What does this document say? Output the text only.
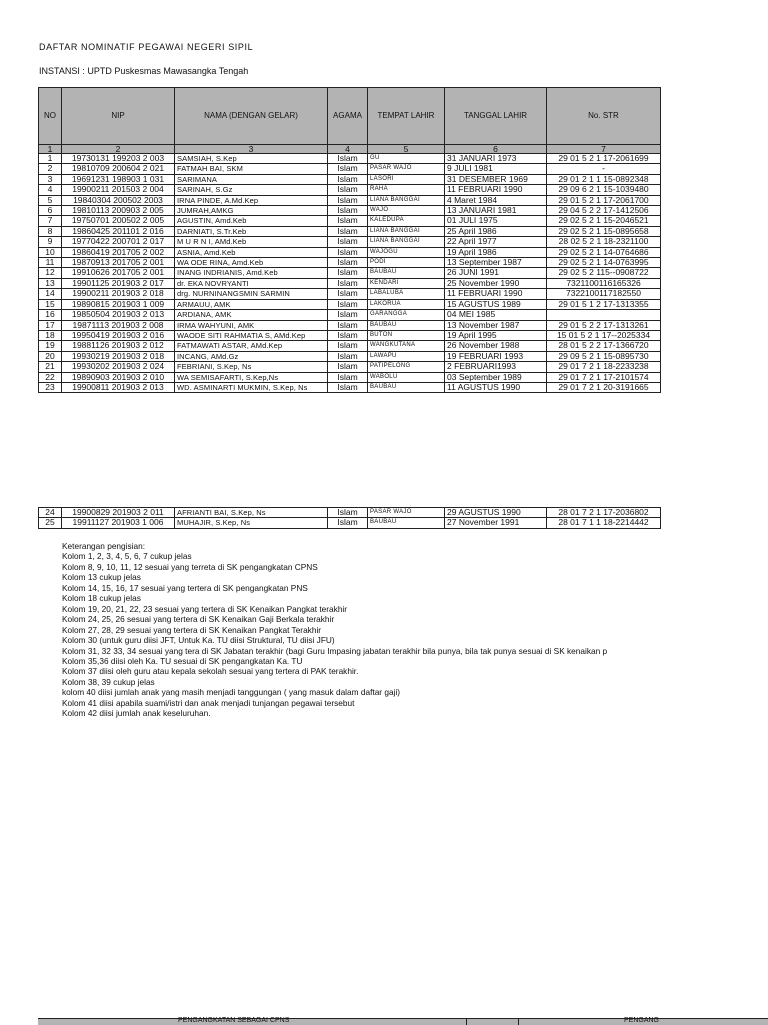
DAFTAR NOMINATIF PEGAWAI NEGERI SIPIL
INSTANSI : UPTD Puskesmas Mawasangka Tengah
NO	NIP	NAMA (DENGAN GELAR)	AGAMA	TEMPAT LAHIR	TANGGAL LAHIR	No. STR
1	2	3	4	5	6	7
1	19730131 199203 2 003	SAMSIAH, S.Kep	Islam	GU	31 JANUARI 1973	29 01 5 2 1 17-2061699
2	19810709 200604 2 021	FATMAH BAI, SKM	Islam	PASAR WAJO	9 JULI 1981	-
3	19691231 198903 1 031	SARIMANA	Islam	LASORI	31 DESEMBER 1969	29 01 2 1 1 15-0892348
4	19900211 201503 2 004	SARINAH, S.Gz	Islam	RAHA	11 FEBRUARI 1990	29 09 6 2 1 15-1039480
5	19840304 200502 2003	IRNA PINDE, A.Md.Kep	Islam	LIANA BANGGAI	4 Maret 1984	29 01 5 2 1 17-2061700
6	19810113 200903 2 005	JUMRAH,AMKG	Islam	WAJO	13 JANUARI 1981	29 04 5 2 2 17-1412506
7	19750701 200502 2 005	AGUSTIN, Amd.Keb	Islam	KALEDUPA	01 JULI 1975	29 02 5 2 1 15-2046521
8	19860425 201101 2 016	DARNIATI, S.Tr.Keb	Islam	LIANA BANGGAI	25 April 1986	29 02 5 2 1 15-0895658
9	19770422 200701 2 017	M U R N I, AMd.Keb	Islam	LIANA BANGGAI	22 April 1977	28 02 5 2 1 18-2321100
10	19860419 201705 2 002	ASNIA, Amd.Keb	Islam	WAJOGU	19 April 1986	29 02 5 2 1 14-0764686
11	19870913 201705 2 001	WA ODE RINA, Amd.Keb	Islam	PODI	13 September 1987	29 02 5 2 1 14-0763995
12	19910626 201705 2 001	INANG INDRIANIS, Amd.Keb	Islam	BAUBAU	26 JUNI 1991	29 02 5 2 115--0908722
13	19901125 201903 2 017	dr. EKA NOVRYANTI	Islam	KENDARI	25 November 1990	7321100116165326
14	19900211 201903 2 018	drg. NURNINANGSMIN SARMIN	Islam	LABALUBA	11 FEBRUARI 1990	7322100117182550
15	19890815 201903 1 009	ARMAUU, AMK	Islam	LAKORUA	15 AGUSTUS 1989	29 01 5 1 2 17-1313355
16	19850504 201903 2 013	ARDIANA, AMK	Islam	GARANGGA	04 MEI 1985	
17	19871113 201903 2 008	IRMA WAHYUNI, AMK	Islam	BAUBAU	13 November 1987	29 01 5 2 2 17-1313261
18	19950419 201903 2 016	WAODE SITI RAHMATIA S, AMd.Kep	Islam	BUTON	19 April 1995	15 01 5 2 1 17--2025334
19	19881126 201903 2 012	FATMAWATI ASTAR, AMd.Kep	Islam	WANGKUTANA	26 November 1988	28 01 5 2 2 17-1366720
20	19930219 201903 2 018	INCANG, AMd.Gz	Islam	LAWAPU	19 FEBRUARI 1993	29 09 5 2 1 15-0895730
21	19930202 201903 2 024	FEBRIANI, S.Kep, Ns	Islam	PATIPELONG	2 FEBRUARI1993	29 01 7 2 1 18-2233238
22	19890903 201903 2 010	WA SEMISAFARTI, S.Kep,Ns	Islam	WABOLU	03 September 1989	29 01 7 2 1 17-2101574
23	19900811 201903 2 013	WD. ASMINARTI MUKMIN, S.Kep, Ns	Islam	BAUBAU	11 AGUSTUS 1990	29 01 7 2 1 20-3191665
24	19900829 201903 2 011	AFRIANTI BAI, S.Kep, Ns	Islam	PASAR WAJO	29 AGUSTUS 1990	28 01 7 2 1 17-2036802
25	19911127 201903 1 006	MUHAJIR, S.Kep, Ns	Islam	BAUBAU	27 November 1991	28 01 7 1 1 18-2214442
Keterangan pengisian:
Kolom 1, 2, 3, 4, 5, 6, 7 cukup jelas
Kolom 8, 9, 10, 11, 12 sesuai yang terreta di SK pengangkatan CPNS
Kolom 13 cukup jelas
Kolom 14, 15, 16, 17 sesuai yang tertera di SK pengangkatan PNS
Kolom 18 cukup jelas
Kolom 19, 20, 21, 22, 23 sesuai yang tertera di SK Kenaikan Pangkat terakhir
Kolom 24, 25, 26 sesuai yang tertera di SK Kenaikan Gaji Berkala terakhir
Kolom 27, 28, 29 sesuai yang tertera di SK Kenaikan Pangkat Terakhir
Kolom 30 (untuk guru diisi JFT, Untuk Ka. TU diisi Struktural, TU diisi JFU)
Kolom 31, 32 33, 34 sesuai yang tera di SK Jabatan terakhir (bagi Guru Impasing jabatan terakhir bila punya, bila tak punya sesuai di SK kenaikan p
Kolom 35,36 diisi oleh Ka. TU sesuai di SK pengangkatan Ka. TU
Kolom 37 diisi oleh guru atau kepala sekolah sesuai yang tertera di PAK terakhir.
Kolom 38, 39 cukup jelas
kolom 40 diisi jumlah anak yang masih menjadi tanggungan ( yang masuk dalam daftar gaji)
Kolom 41 diisi apabila suami/istri dan anak menjadi tunjangan pegawai tersebut
Kolom 42 diisi jumlah anak keseluruhan.
PENGANGKATAN SEBAGAI CPNS	PENGANG
